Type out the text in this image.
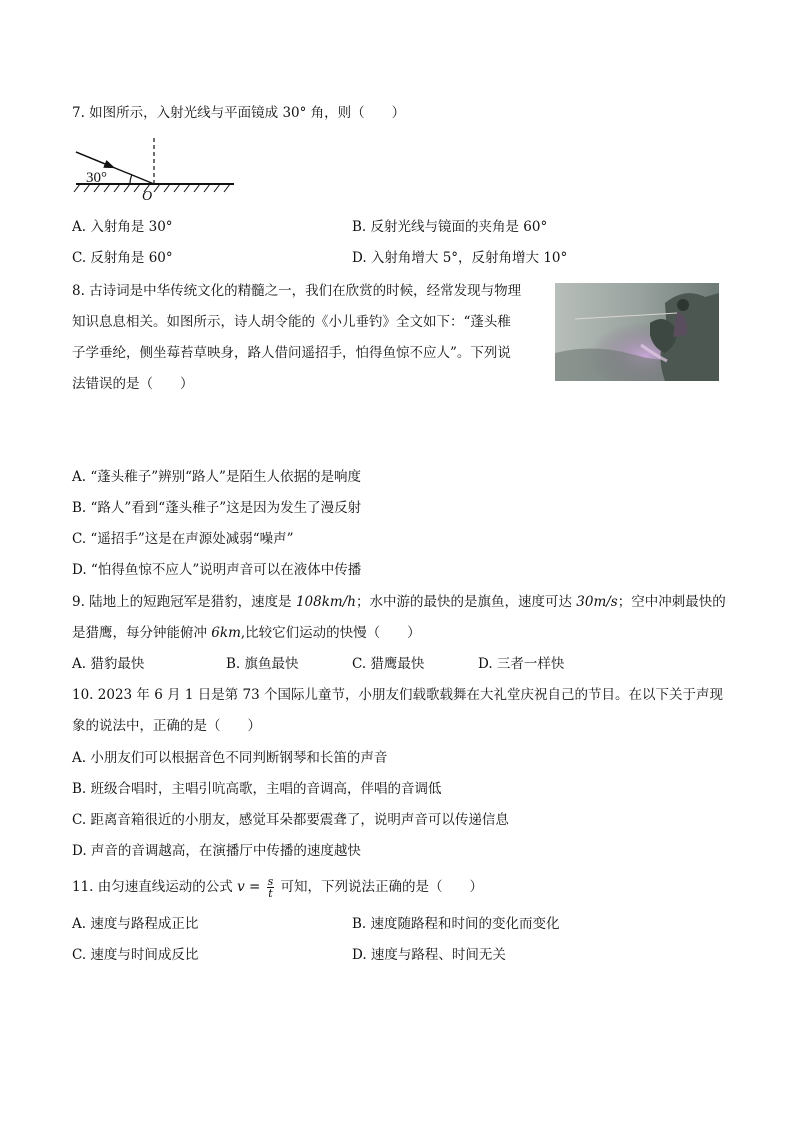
7. 如图所示，入射光线与平面镜成 30° 角，则（　　）
30°
O
A. 入射角是 30°	B. 反射光线与镜面的夹角是 60°
C. 反射角是 60°	D. 入射角增大 5°，反射角增大 10°
8. 古诗词是中华传统文化的精髓之一，我们在欣赏的时候，经常发现与物理
知识息息相关。如图所示，诗人胡令能的《小儿垂钓》全文如下：“蓬头稚
子学垂纶，侧坐莓苔草映身，路人借问遥招手，怕得鱼惊不应人”。下列说
法错误的是（　　）
A. “蓬头稚子”辨别“路人”是陌生人依据的是响度
B. “路人”看到“蓬头稚子”这是因为发生了漫反射
C. “遥招手”这是在声源处减弱“噪声”
D. “怕得鱼惊不应人”说明声音可以在液体中传播
9. 陆地上的短跑冠军是猎豹，速度是 108km/h；水中游的最快的是旗鱼，速度可达 30m/s；空中冲刺最快的
是猎鹰，每分钟能俯冲 6km,比较它们运动的快慢（　　）
A. 猎豹最快	B. 旗鱼最快	C. 猎鹰最快	D. 三者一样快
10. 2023 年 6 月 1 日是第 73 个国际儿童节，小朋友们载歌载舞在大礼堂庆祝自己的节目。在以下关于声现
象的说法中，正确的是（　　）
A. 小朋友们可以根据音色不同判断钢琴和长笛的声音
B. 班级合唱时，主唱引吭高歌，主唱的音调高，伴唱的音调低
C. 距离音箱很近的小朋友，感觉耳朵都要震聋了，说明声音可以传递信息
D. 声音的音调越高，在演播厅中传播的速度越快
11. 由匀速直线运动的公式 $v = \frac{s}{t}$ 可知，下列说法正确的是（　　）
A. 速度与路程成正比	B. 速度随路程和时间的变化而变化
C. 速度与时间成反比	D. 速度与路程、时间无关
